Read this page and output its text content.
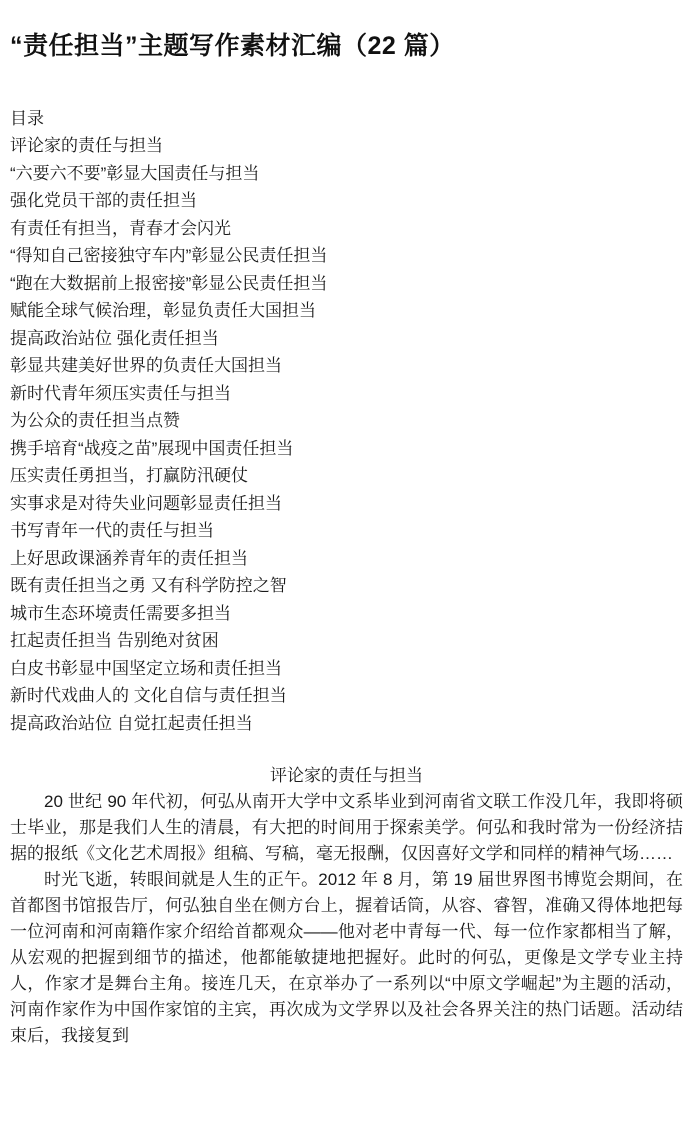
“责任担当”主题写作素材汇编（22 篇）
目录
评论家的责任与担当
“六要六不要”彰显大国责任与担当
强化党员干部的责任担当
有责任有担当，青春才会闪光
“得知自己密接独守车内”彰显公民责任担当
“跑在大数据前上报密接”彰显公民责任担当
赋能全球气候治理，彰显负责任大国担当
提高政治站位 强化责任担当
彰显共建美好世界的负责任大国担当
新时代青年须压实责任与担当
为公众的责任担当点赞
携手培育“战疫之苗”展现中国责任担当
压实责任勇担当，打赢防汛硬仗
实事求是对待失业问题彰显责任担当
书写青年一代的责任与担当
上好思政课涵养青年的责任担当
既有责任担当之勇 又有科学防控之智
城市生态环境责任需要多担当
扛起责任担当 告别绝对贫困
白皮书彰显中国坚定立场和责任担当
新时代戏曲人的 文化自信与责任担当
提高政治站位 自觉扛起责任担当
评论家的责任与担当

20 世纪 90 年代初，何弘从南开大学中文系毕业到河南省文联工作没几年，我即将硕士毕业，那是我们人生的清晨，有大把的时间用于探索美学。何弘和我时常为一份经济拮据的报纸《文化艺术周报》组稿、写稿，毫无报酬，仅因喜好文学和同样的精神气场……

时光飞逝，转眼间就是人生的正午。2012 年 8 月，第 19 届世界图书博览会期间，在首都图书馆报告厅，何弘独自坐在侧方台上，握着话筒，从容、睿智，准确又得体地把每一位河南和河南籍作家介绍给首都观众——他对老中青每一代、每一位作家都相当了解，从宏观的把握到细节的描述，他都能敏捷地把握好。此时的何弘，更像是文学专业主持人，作家才是舞台主角。接连几天，在京举办了一系列以“中原文学崛起”为主题的活动，河南作家作为中国作家馆的主宾，再次成为文学界以及社会各界关注的热门话题。活动结束后，我接复到
